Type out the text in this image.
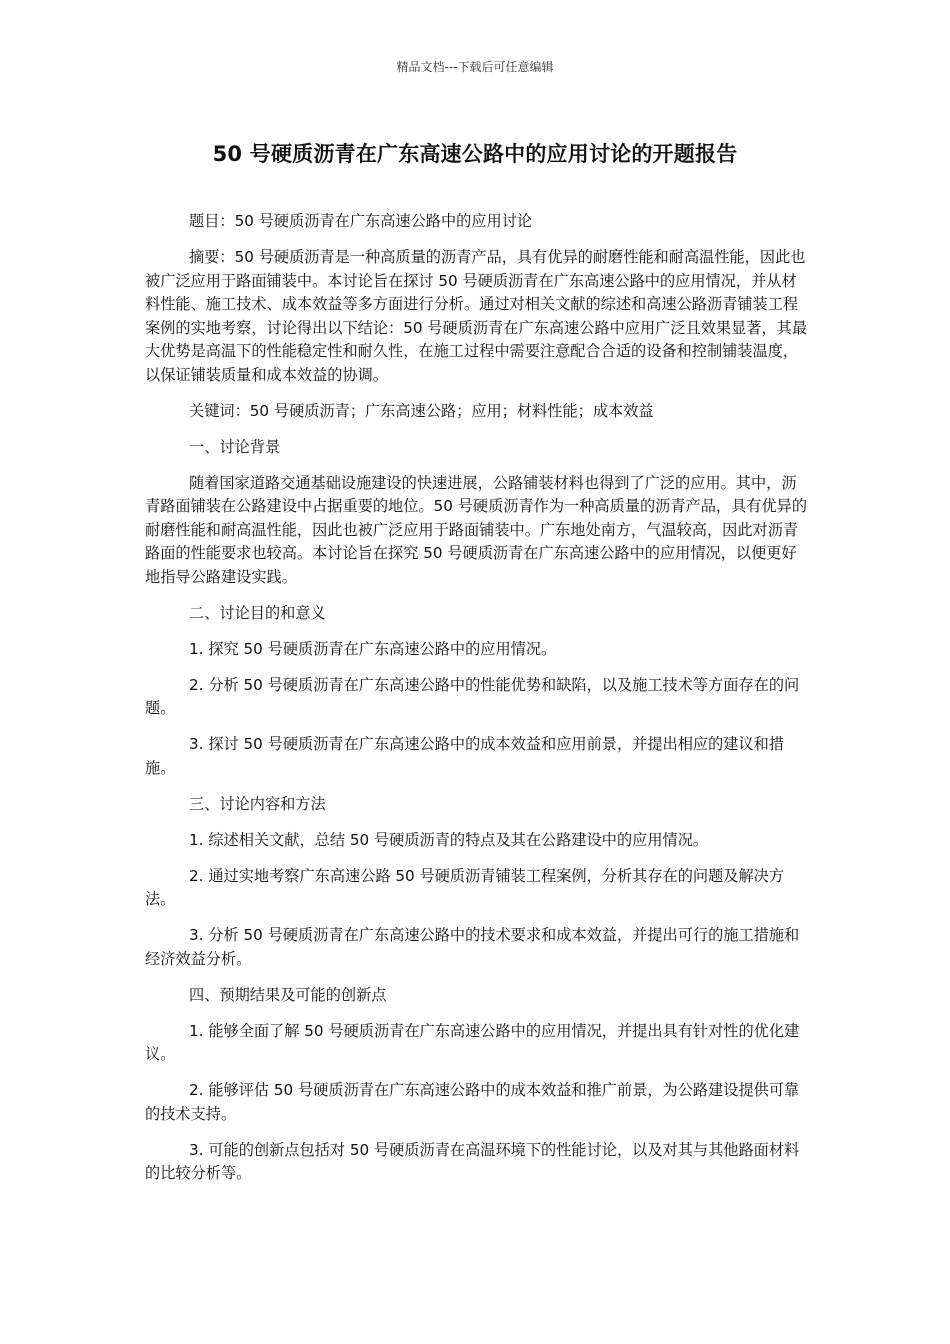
精品文档---下载后可任意编辑
50 号硬质沥青在广东高速公路中的应用讨论的开题报告

题目：50 号硬质沥青在广东高速公路中的应用讨论

摘要：50 号硬质沥青是一种高质量的沥青产品，具有优异的耐磨性能和耐高温性能，因此也被广泛应用于路面铺装中。本讨论旨在探讨 50 号硬质沥青在广东高速公路中的应用情况，并从材料性能、施工技术、成本效益等多方面进行分析。通过对相关文献的综述和高速公路沥青铺装工程案例的实地考察，讨论得出以下结论：50 号硬质沥青在广东高速公路中应用广泛且效果显著，其最大优势是高温下的性能稳定性和耐久性，在施工过程中需要注意配合合适的设备和控制铺装温度，以保证铺装质量和成本效益的协调。

关键词：50 号硬质沥青；广东高速公路；应用；材料性能；成本效益

一、讨论背景

随着国家道路交通基础设施建设的快速进展，公路铺装材料也得到了广泛的应用。其中，沥青路面铺装在公路建设中占据重要的地位。50 号硬质沥青作为一种高质量的沥青产品，具有优异的耐磨性能和耐高温性能，因此也被广泛应用于路面铺装中。广东地处南方，气温较高，因此对沥青路面的性能要求也较高。本讨论旨在探究 50 号硬质沥青在广东高速公路中的应用情况，以便更好地指导公路建设实践。

二、讨论目的和意义

1. 探究 50 号硬质沥青在广东高速公路中的应用情况。

2. 分析 50 号硬质沥青在广东高速公路中的性能优势和缺陷，以及施工技术等方面存在的问题。

3. 探讨 50 号硬质沥青在广东高速公路中的成本效益和应用前景，并提出相应的建议和措施。

三、讨论内容和方法

1. 综述相关文献，总结 50 号硬质沥青的特点及其在公路建设中的应用情况。

2. 通过实地考察广东高速公路 50 号硬质沥青铺装工程案例，分析其存在的问题及解决方法。

3. 分析 50 号硬质沥青在广东高速公路中的技术要求和成本效益，并提出可行的施工措施和经济效益分析。

四、预期结果及可能的创新点

1. 能够全面了解 50 号硬质沥青在广东高速公路中的应用情况，并提出具有针对性的优化建议。

2. 能够评估 50 号硬质沥青在广东高速公路中的成本效益和推广前景，为公路建设提供可靠的技术支持。

3. 可能的创新点包括对 50 号硬质沥青在高温环境下的性能讨论，以及对其与其他路面材料的比较分析等。
